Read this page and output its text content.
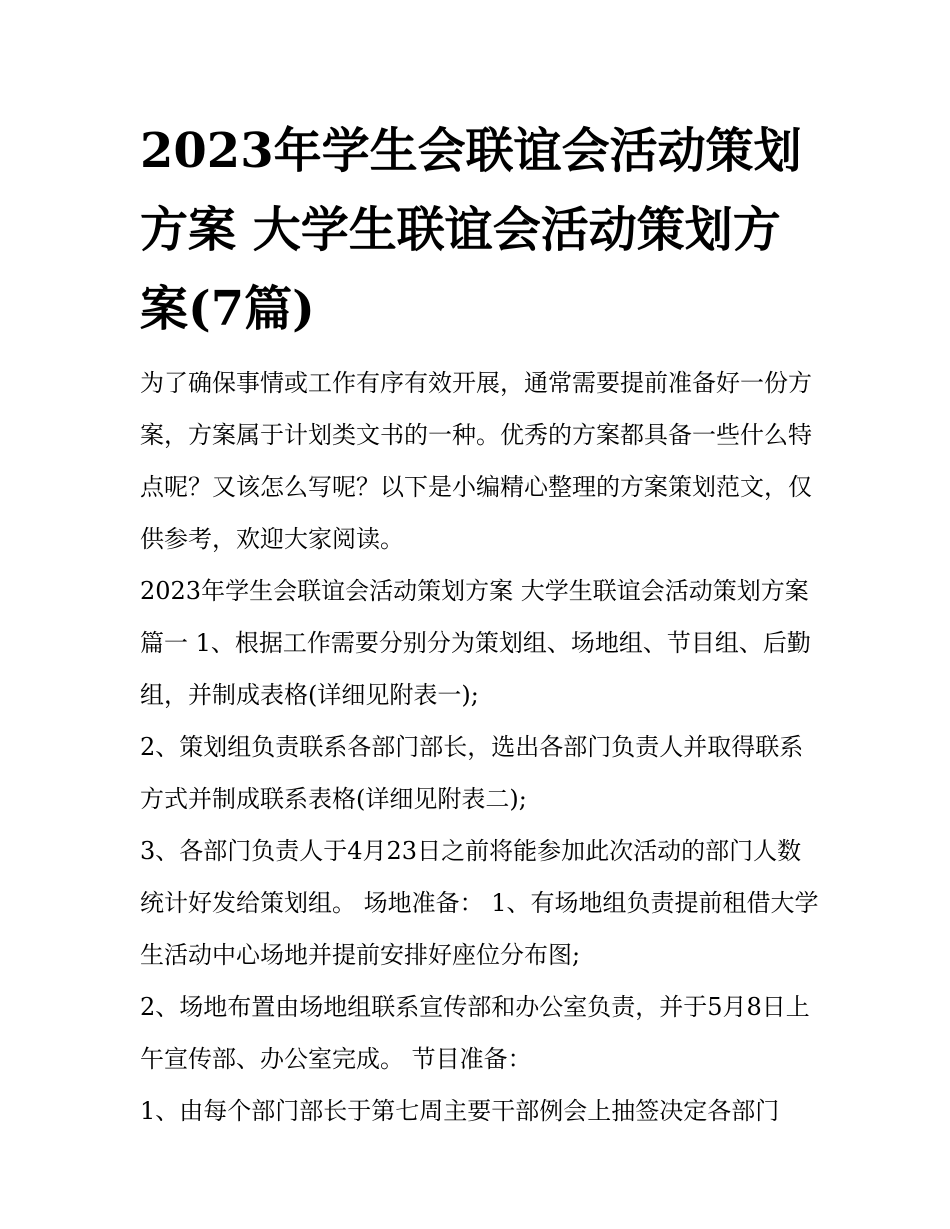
2023年学生会联谊会活动策划方案 大学生联谊会活动策划方案(7篇)

为了确保事情或工作有序有效开展，通常需要提前准备好一份方案，方案属于计划类文书的一种。优秀的方案都具备一些什么特点呢？又该怎么写呢？以下是小编精心整理的方案策划范文，仅供参考，欢迎大家阅读。

2023年学生会联谊会活动策划方案 大学生联谊会活动策划方案篇一 1、根据工作需要分别分为策划组、场地组、节目组、后勤组，并制成表格(详细见附表一);

2、策划组负责联系各部门部长，选出各部门负责人并取得联系方式并制成联系表格(详细见附表二);

3、各部门负责人于4月23日之前将能参加此次活动的部门人数统计好发给策划组。 场地准备： 1、有场地组负责提前租借大学生活动中心场地并提前安排好座位分布图;

2、场地布置由场地组联系宣传部和办公室负责，并于5月8日上午宣传部、办公室完成。 节目准备：

1、由每个部门部长于第七周主要干部例会上抽签决定各部门
